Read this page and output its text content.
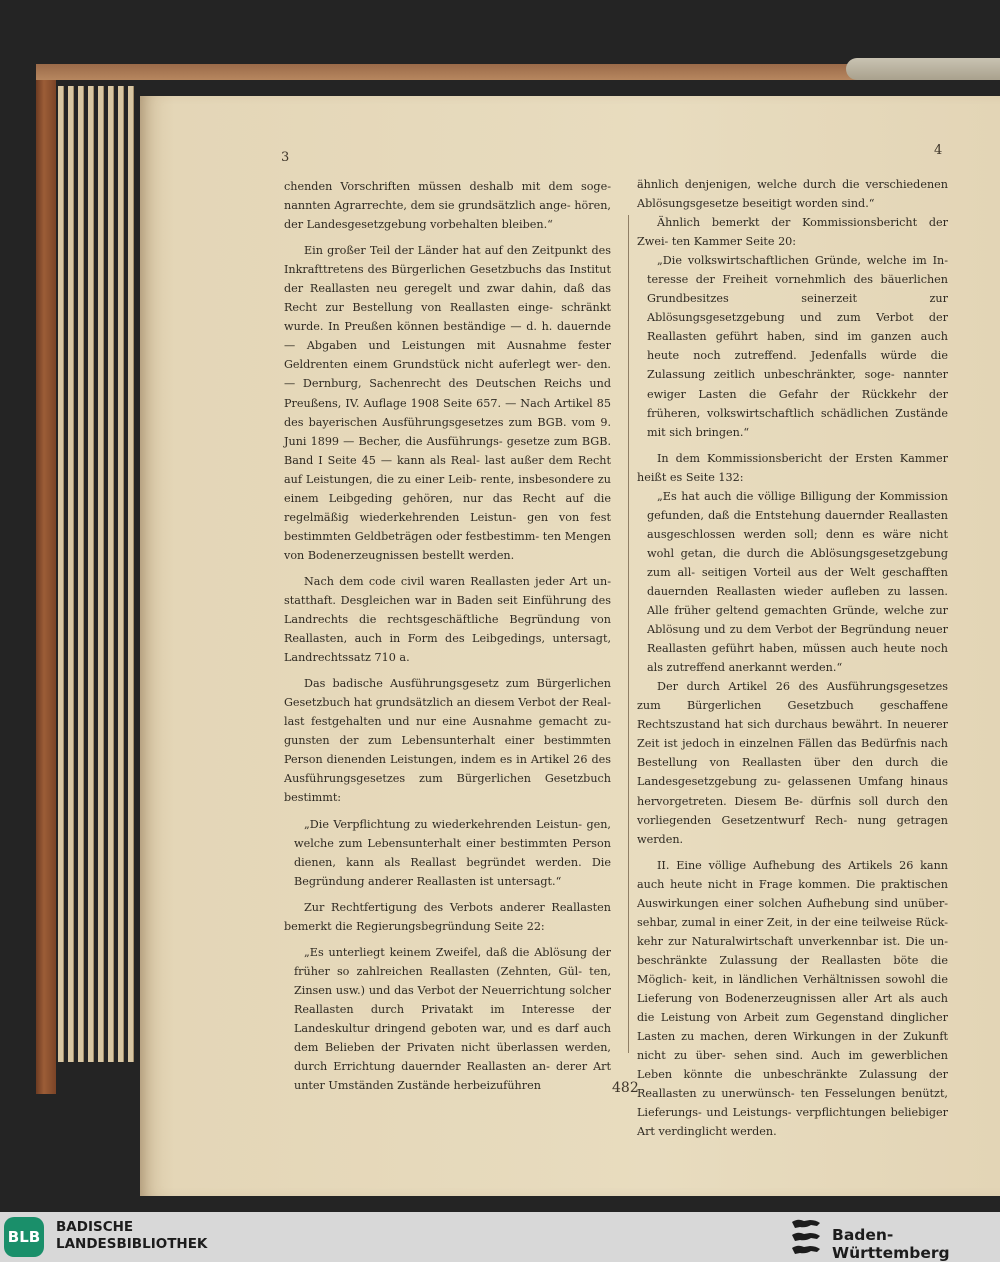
3	4

chenden Vorschriften müssen deshalb mit dem soge- nannten Agrarrechte, dem sie grundsätzlich ange- hören, der Landesgesetzgebung vorbehalten bleiben.“

Ein großer Teil der Länder hat auf den Zeitpunkt des Inkrafttretens des Bürgerlichen Gesetzbuchs das Institut der Reallasten neu geregelt und zwar dahin, daß das Recht zur Bestellung von Reallasten einge- schränkt wurde. In Preußen können beständige — d. h. dauernde — Abgaben und Leistungen mit Ausnahme fester Geldrenten einem Grundstück nicht auferlegt wer- den. — Dernburg, Sachenrecht des Deutschen Reichs und Preußens, IV. Auflage 1908 Seite 657. — Nach Artikel 85 des bayerischen Ausführungsgesetzes zum BGB. vom 9. Juni 1899 — Becher, die Ausführungs- gesetze zum BGB. Band I Seite 45 — kann als Real- last außer dem Recht auf Leistungen, die zu einer Leib- rente, insbesondere zu einem Leibgeding gehören, nur das Recht auf die regelmäßig wiederkehrenden Leistun- gen von fest bestimmten Geldbeträgen oder festbestimm- ten Mengen von Bodenerzeugnissen bestellt werden.

Nach dem code civil waren Reallasten jeder Art un- statthaft. Desgleichen war in Baden seit Einführung des Landrechts die rechtsgeschäftliche Begründung von Reallasten, auch in Form des Leibgedings, untersagt, Landrechtssatz 710 a.

Das badische Ausführungsgesetz zum Bürgerlichen Gesetzbuch hat grundsätzlich an diesem Verbot der Real- last festgehalten und nur eine Ausnahme gemacht zu- gunsten der zum Lebensunterhalt einer bestimmten Person dienenden Leistungen, indem es in Artikel 26 des Ausführungsgesetzes zum Bürgerlichen Gesetzbuch bestimmt:

„Die Verpflichtung zu wiederkehrenden Leistun- gen, welche zum Lebensunterhalt einer bestimmten Person dienen, kann als Reallast begründet werden. Die Begründung anderer Reallasten ist untersagt.“

Zur Rechtfertigung des Verbots anderer Reallasten bemerkt die Regierungsbegründung Seite 22:

„Es unterliegt keinem Zweifel, daß die Ablösung der früher so zahlreichen Reallasten (Zehnten, Gül- ten, Zinsen usw.) und das Verbot der Neuerrichtung solcher Reallasten durch Privatakt im Interesse der Landeskultur dringend geboten war, und es darf auch dem Belieben der Privaten nicht überlassen werden, durch Errichtung dauernder Reallasten an- derer Art unter Umständen Zustände herbeizuführen

ähnlich denjenigen, welche durch die verschiedenen Ablösungsgesetze beseitigt worden sind.“

Ähnlich bemerkt der Kommissionsbericht der Zwei- ten Kammer Seite 20:

„Die volkswirtschaftlichen Gründe, welche im In- teresse der Freiheit vornehmlich des bäuerlichen Grundbesitzes seinerzeit zur Ablösungsgesetzgebung und zum Verbot der Reallasten geführt haben, sind im ganzen auch heute noch zutreffend. Jedenfalls würde die Zulassung zeitlich unbeschränkter, soge- nannter ewiger Lasten die Gefahr der Rückkehr der früheren, volkswirtschaftlich schädlichen Zustände mit sich bringen.“

In dem Kommissionsbericht der Ersten Kammer heißt es Seite 132:

„Es hat auch die völlige Billigung der Kommission gefunden, daß die Entstehung dauernder Reallasten ausgeschlossen werden soll; denn es wäre nicht wohl getan, die durch die Ablösungsgesetzgebung zum all- seitigen Vorteil aus der Welt geschafften dauernden Reallasten wieder aufleben zu lassen. Alle früher geltend gemachten Gründe, welche zur Ablösung und zu dem Verbot der Begründung neuer Reallasten geführt haben, müssen auch heute noch als zutreffend anerkannt werden.“

Der durch Artikel 26 des Ausführungsgesetzes zum Bürgerlichen Gesetzbuch geschaffene Rechtszustand hat sich durchaus bewährt. In neuerer Zeit ist jedoch in einzelnen Fällen das Bedürfnis nach Bestellung von Reallasten über den durch die Landesgesetzgebung zu- gelassenen Umfang hinaus hervorgetreten. Diesem Be- dürfnis soll durch den vorliegenden Gesetzentwurf Rech- nung getragen werden.

II. Eine völlige Aufhebung des Artikels 26 kann auch heute nicht in Frage kommen. Die praktischen Auswirkungen einer solchen Aufhebung sind unüber- sehbar, zumal in einer Zeit, in der eine teilweise Rück- kehr zur Naturalwirtschaft unverkennbar ist. Die un- beschränkte Zulassung der Reallasten böte die Möglich- keit, in ländlichen Verhältnissen sowohl die Lieferung von Bodenerzeugnissen aller Art als auch die Leistung von Arbeit zum Gegenstand dinglicher Lasten zu machen, deren Wirkungen in der Zukunft nicht zu über- sehen sind. Auch im gewerblichen Leben könnte die unbeschränkte Zulassung der Reallasten zu unerwünsch- ten Fesselungen benützt, Lieferungs- und Leistungs- verpflichtungen beliebiger Art verdinglicht werden.

482
BLB
BADISCHE
LANDESBIBLIOTHEK	Baden-Württemberg
